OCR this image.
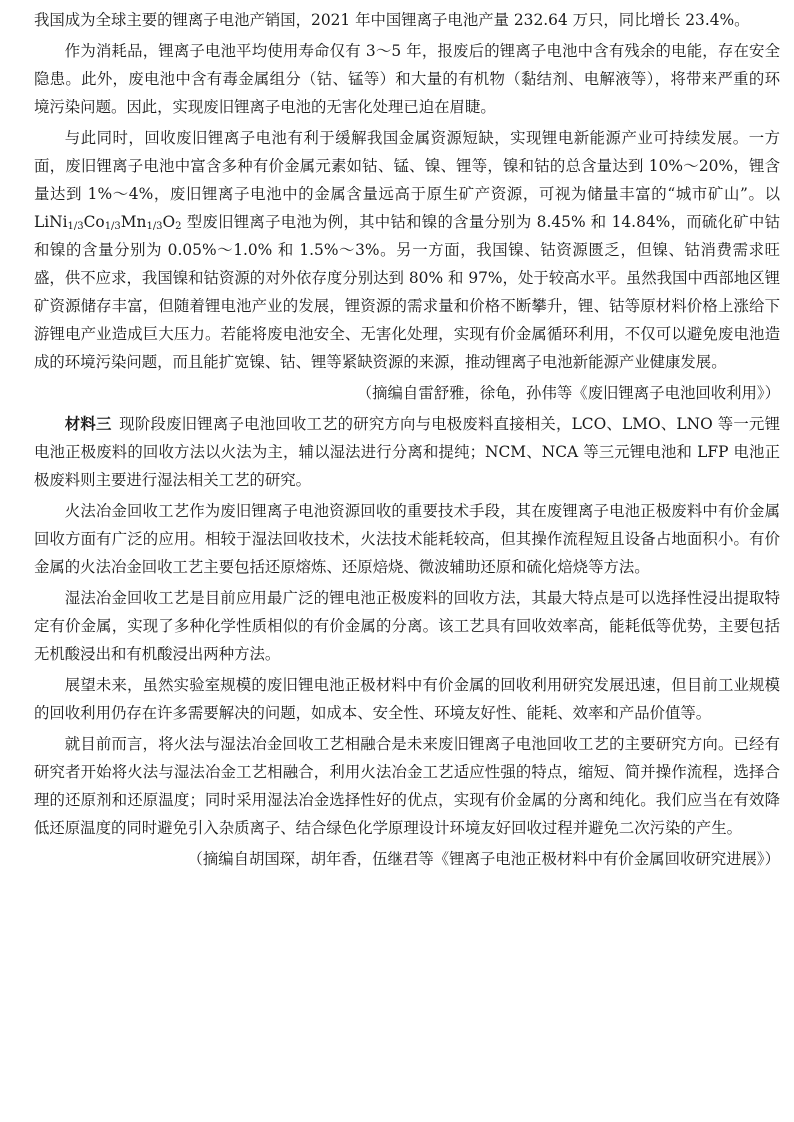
我国成为全球主要的锂离子电池产销国，2021 年中国锂离子电池产量 232.64 万只，同比增长 23.4%。

作为消耗品，锂离子电池平均使用寿命仅有 3～5 年，报废后的锂离子电池中含有残余的电能，存在安全隐患。此外，废电池中含有毒金属组分（钴、锰等）和大量的有机物（黏结剂、电解液等），将带来严重的环境污染问题。因此，实现废旧锂离子电池的无害化处理已迫在眉睫。

与此同时，回收废旧锂离子电池有利于缓解我国金属资源短缺，实现锂电新能源产业可持续发展。一方面，废旧锂离子电池中富含多种有价金属元素如钴、锰、镍、锂等，镍和钴的总含量达到 10%～20%，锂含量达到 1%～4%，废旧锂离子电池中的金属含量远高于原生矿产资源，可视为储量丰富的“城市矿山”。以 $LiNi_{1/3}Co_{1/3}Mn_{1/3}O_2$ 型废旧锂离子电池为例，其中钴和镍的含量分别为 8.45% 和 14.84%，而硫化矿中钴和镍的含量分别为 0.05%～1.0% 和 1.5%～3%。另一方面，我国镍、钴资源匮乏，但镍、钴消费需求旺盛，供不应求，我国镍和钴资源的对外依存度分别达到 80% 和 97%，处于较高水平。虽然我国中西部地区锂矿资源储存丰富，但随着锂电池产业的发展，锂资源的需求量和价格不断攀升，锂、钴等原材料价格上涨给下游锂电产业造成巨大压力。若能将废电池安全、无害化处理，实现有价金属循环利用，不仅可以避免废电池造成的环境污染问题，而且能扩宽镍、钴、锂等紧缺资源的来源，推动锂离子电池新能源产业健康发展。

（摘编自雷舒雅，徐龟，孙伟等《废旧锂离子电池回收利用》）

材料三 现阶段废旧锂离子电池回收工艺的研究方向与电极废料直接相关，LCO、LMO、LNO 等一元锂电池正极废料的回收方法以火法为主，辅以湿法进行分离和提纯；NCM、NCA 等三元锂电池和 LFP 电池正极废料则主要进行湿法相关工艺的研究。

火法冶金回收工艺作为废旧锂离子电池资源回收的重要技术手段，其在废锂离子电池正极废料中有价金属回收方面有广泛的应用。相较于湿法回收技术，火法技术能耗较高，但其操作流程短且设备占地面积小。有价金属的火法冶金回收工艺主要包括还原熔炼、还原焙烧、微波辅助还原和硫化焙烧等方法。

湿法冶金回收工艺是目前应用最广泛的锂电池正极废料的回收方法，其最大特点是可以选择性浸出提取特定有价金属，实现了多种化学性质相似的有价金属的分离。该工艺具有回收效率高，能耗低等优势，主要包括无机酸浸出和有机酸浸出两种方法。

展望未来，虽然实验室规模的废旧锂电池正极材料中有价金属的回收利用研究发展迅速，但目前工业规模的回收利用仍存在许多需要解决的问题，如成本、安全性、环境友好性、能耗、效率和产品价值等。

就目前而言，将火法与湿法冶金回收工艺相融合是未来废旧锂离子电池回收工艺的主要研究方向。已经有研究者开始将火法与湿法冶金工艺相融合，利用火法冶金工艺适应性强的特点，缩短、简并操作流程，选择合理的还原剂和还原温度；同时采用湿法冶金选择性好的优点，实现有价金属的分离和纯化。我们应当在有效降低还原温度的同时避免引入杂质离子、结合绿色化学原理设计环境友好回收过程并避免二次污染的产生。

（摘编自胡国琛，胡年香，伍继君等《锂离子电池正极材料中有价金属回收研究进展》）
